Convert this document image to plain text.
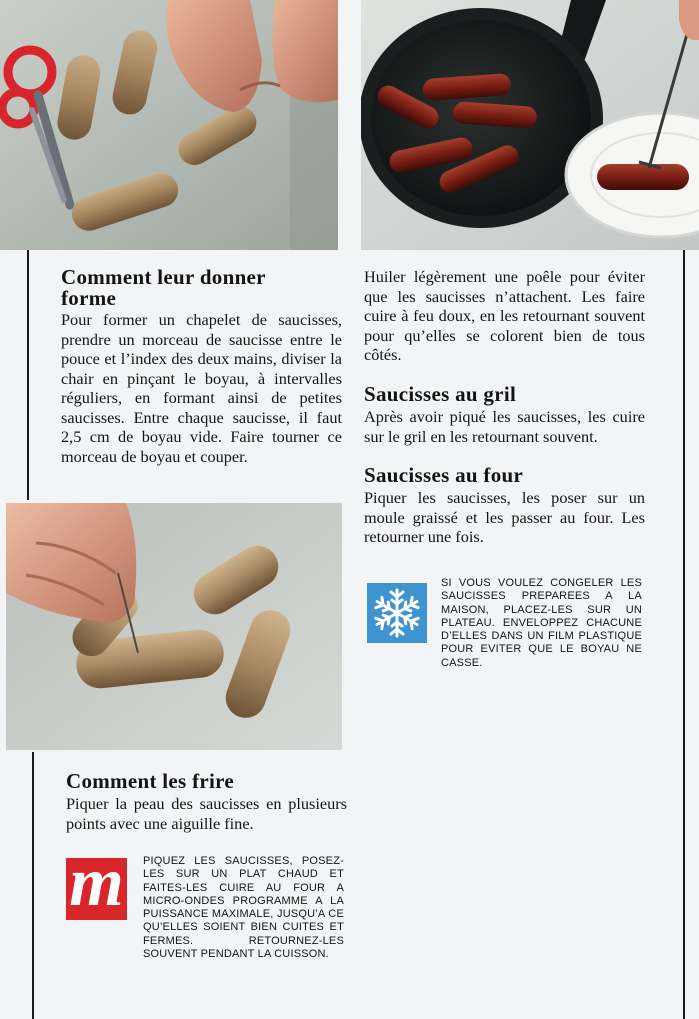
Comment leur donner forme

Pour former un chapelet de saucisses, prendre un morceau de saucisse entre le pouce et l’index des deux mains, diviser la chair en pinçant le boyau, à intervalles réguliers, en formant ainsi de petites saucisses. Entre chaque saucisse, il faut 2,5 cm de boyau vide. Faire tourner ce morceau de boyau et couper.

Huiler légèrement une poêle pour éviter que les saucisses n’attachent. Les faire cuire à feu doux, en les retournant souvent pour qu’elles se colorent bien de tous côtés.

Saucisses au gril

Après avoir piqué les saucisses, les cuire sur le gril en les retournant souvent.

Saucisses au four

Piquer les saucisses, les poser sur un moule graissé et les passer au four. Les retourner une fois.

SI VOUS VOULEZ CONGELER LES SAUCISSES PREPAREES A LA MAISON, PLACEZ-LES SUR UN PLATEAU. ENVELOPPEZ CHACUNE D’ELLES DANS UN FILM PLASTIQUE POUR EVITER QUE LE BOYAU NE CASSE.

Comment les frire

Piquer la peau des saucisses en plusieurs points avec une aiguille fine.

m PIQUEZ LES SAUCISSES, POSEZ-LES SUR UN PLAT CHAUD ET FAITES-LES CUIRE AU FOUR A MICRO-ONDES PROGRAMME A LA PUISSANCE MAXIMALE, JUSQU’A CE QU’ELLES SOIENT BIEN CUITES ET FERMES. RETOURNEZ-LES SOUVENT PENDANT LA CUISSON.
